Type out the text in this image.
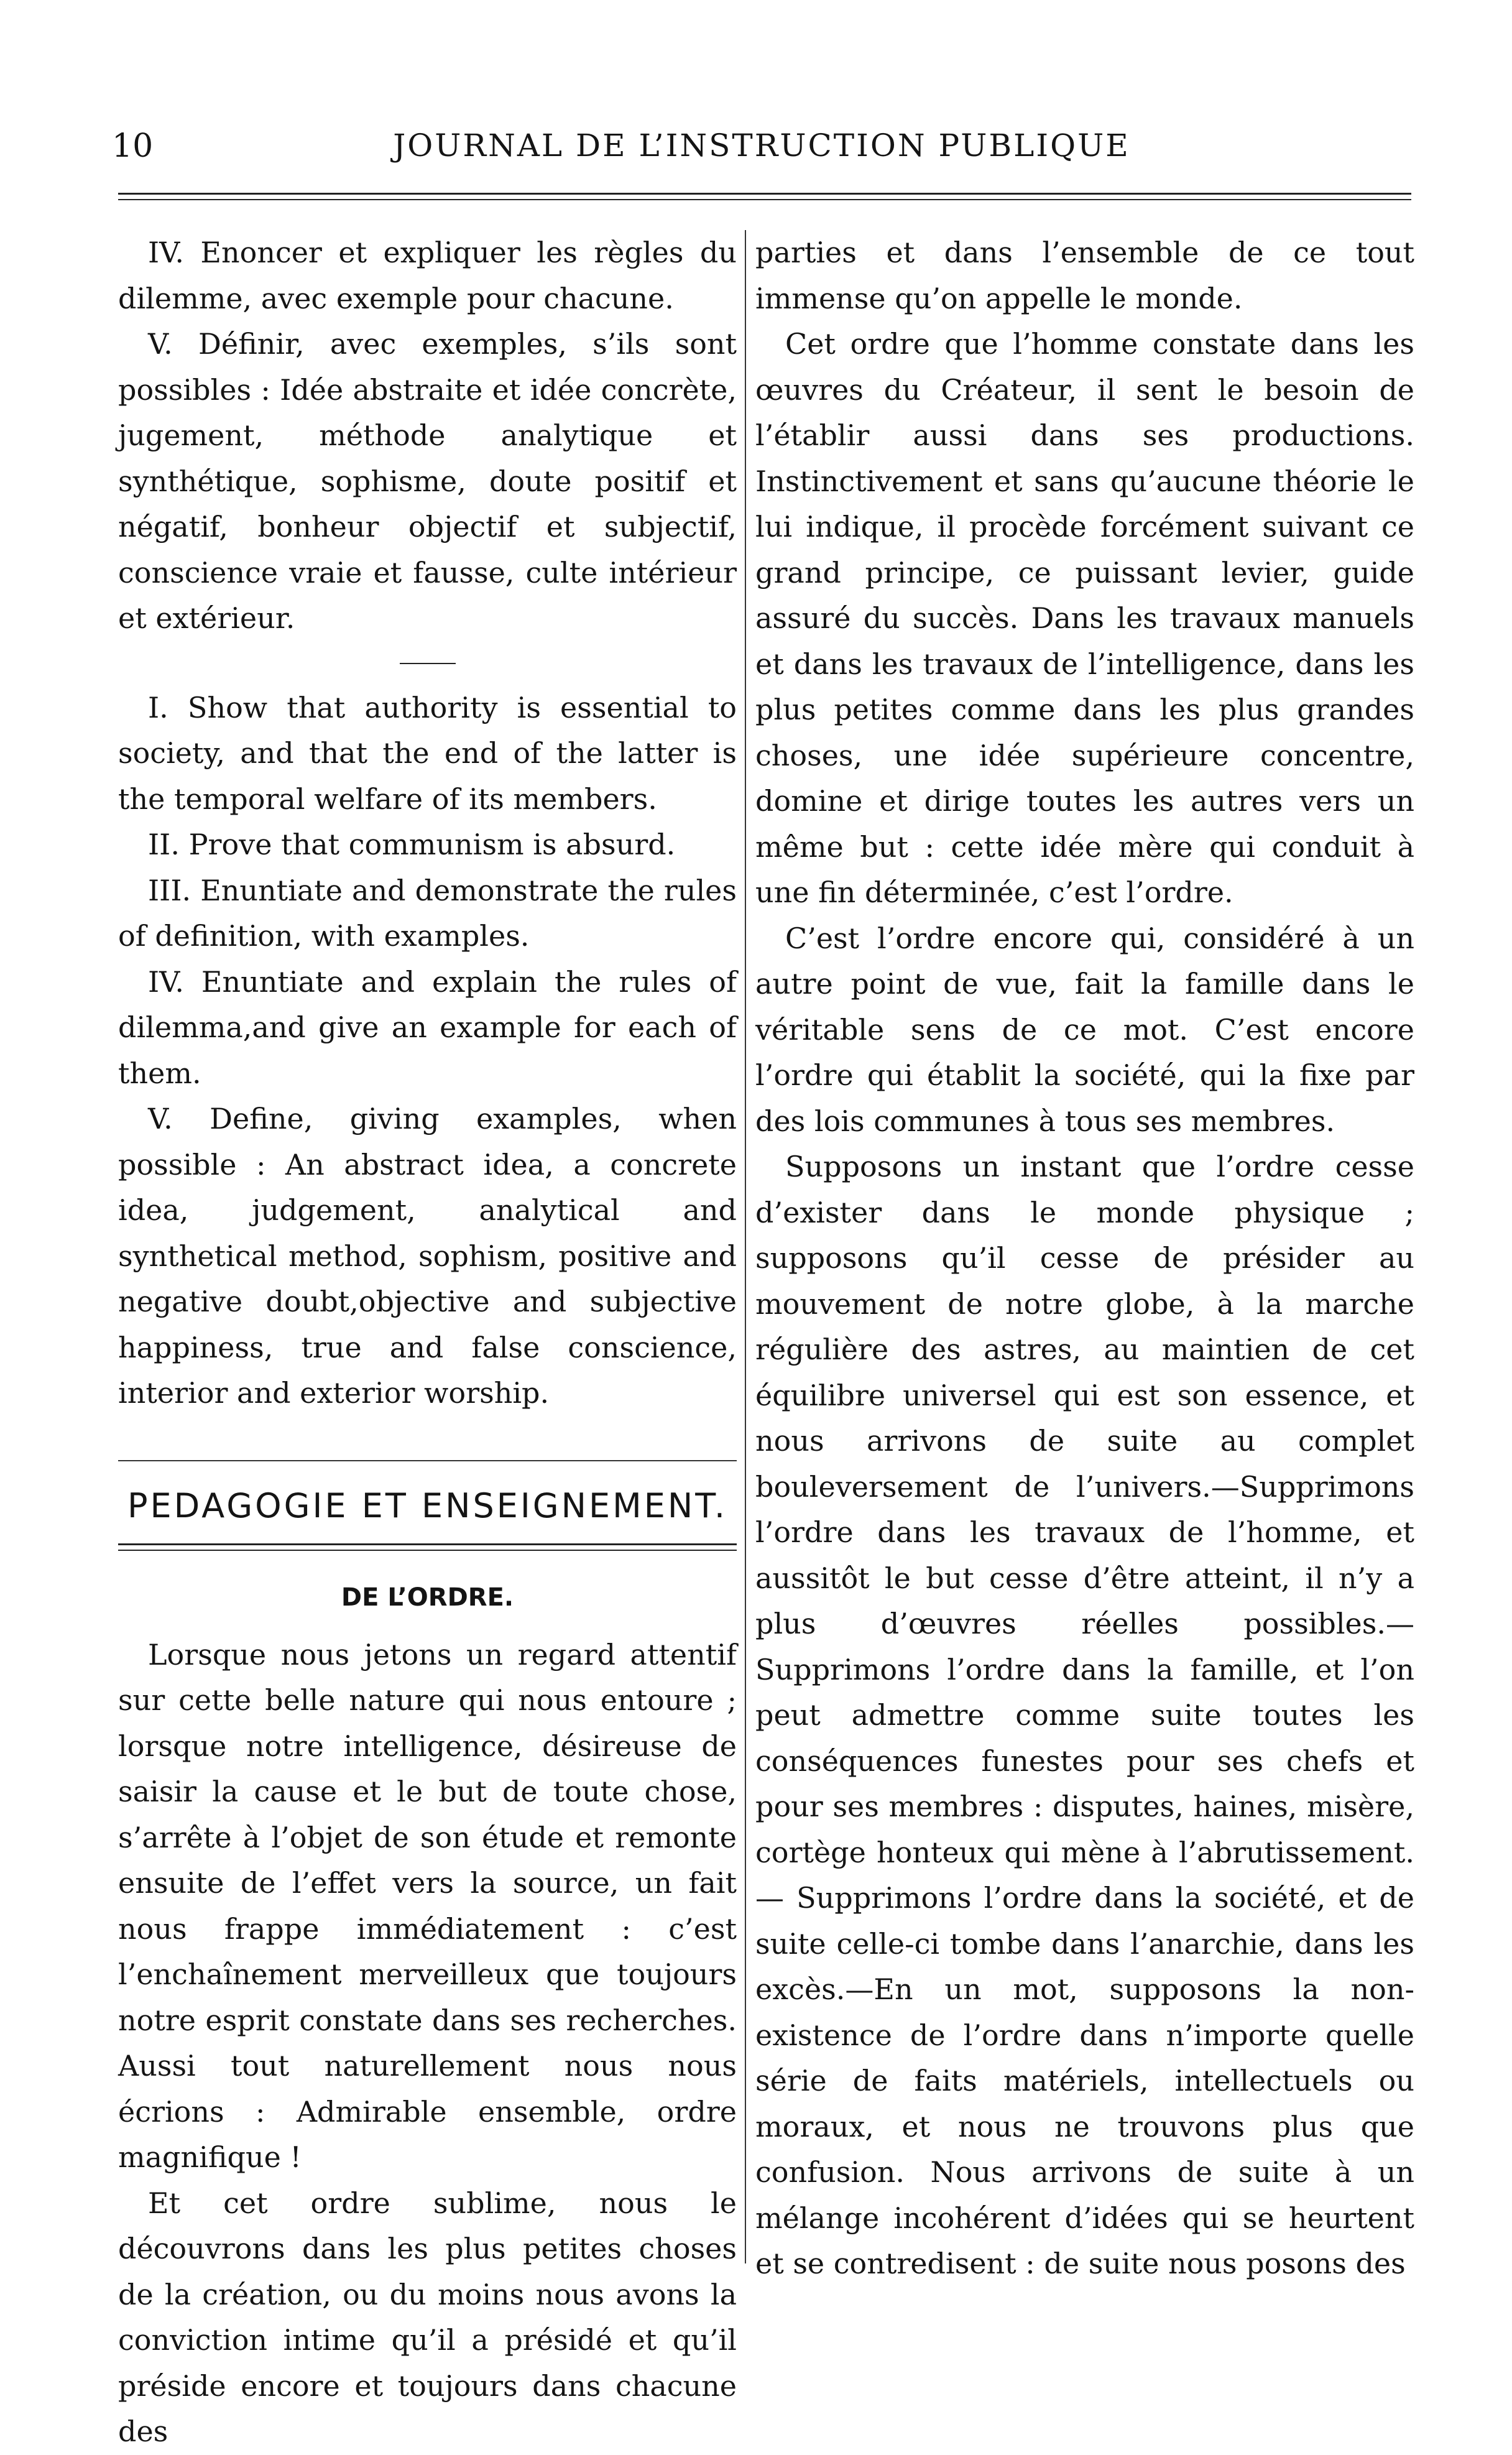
10	JOURNAL DE L’INSTRUCTION PUBLIQUE

IV. Enoncer et expliquer les règles du dilemme, avec exemple pour chacune.

V. Définir, avec exemples, s’ils sont possibles : Idée abstraite et idée concrète, jugement, méthode analytique et synthétique, sophisme, doute positif et négatif, bonheur objectif et subjectif, conscience vraie et fausse, culte intérieur et extérieur.

I. Show that authority is essential to society, and that the end of the latter is the temporal welfare of its members.

II. Prove that communism is absurd.

III. Enuntiate and demonstrate the rules of definition, with examples.

IV. Enuntiate and explain the rules of dilemma,and give an example for each of them.

V. Define, giving examples, when possible : An abstract idea, a concrete idea, judgement, analytical and synthetical method, sophism, positive and negative doubt,objective and subjective happiness, true and false conscience, interior and exterior worship.

PEDAGOGIE ET ENSEIGNEMENT.
DE L’ORDRE.

Lorsque nous jetons un regard attentif sur cette belle nature qui nous entoure ; lorsque notre intelligence, désireuse de saisir la cause et le but de toute chose, s’arrête à l’objet de son étude et remonte ensuite de l’effet vers la source, un fait nous frappe immédiatement : c’est l’enchaînement merveilleux que toujours notre esprit constate dans ses recherches. Aussi tout naturellement nous nous écrions : Admirable ensemble, ordre magnifique !

Et cet ordre sublime, nous le découvrons dans les plus petites choses de la création, ou du moins nous avons la conviction intime qu’il a présidé et qu’il préside encore et toujours dans chacune des

parties et dans l’ensemble de ce tout immense qu’on appelle le monde.

Cet ordre que l’homme constate dans les œuvres du Créateur, il sent le besoin de l’établir aussi dans ses productions. Instinctivement et sans qu’aucune théorie le lui indique, il procède forcément suivant ce grand principe, ce puissant levier, guide assuré du succès. Dans les travaux manuels et dans les travaux de l’intelligence, dans les plus petites comme dans les plus grandes choses, une idée supérieure concentre, domine et dirige toutes les autres vers un même but : cette idée mère qui conduit à une fin déterminée, c’est l’ordre.

C’est l’ordre encore qui, considéré à un autre point de vue, fait la famille dans le véritable sens de ce mot. C’est encore l’ordre qui établit la société, qui la fixe par des lois communes à tous ses membres.

Supposons un instant que l’ordre cesse d’exister dans le monde physique ; supposons qu’il cesse de présider au mouvement de notre globe, à la marche régulière des astres, au maintien de cet équilibre universel qui est son essence, et nous arrivons de suite au complet bouleversement de l’univers.—Supprimons l’ordre dans les travaux de l’homme, et aussitôt le but cesse d’être atteint, il n’y a plus d’œuvres réelles possibles.—Supprimons l’ordre dans la famille, et l’on peut admettre comme suite toutes les conséquences funestes pour ses chefs et pour ses membres : disputes, haines, misère, cortège honteux qui mène à l’abrutissement. — Supprimons l’ordre dans la société, et de suite celle-ci tombe dans l’anarchie, dans les excès.—En un mot, supposons la non-existence de l’ordre dans n’importe quelle série de faits matériels, intellectuels ou moraux, et nous ne trouvons plus que confusion. Nous arrivons de suite à un mélange incohérent d’idées qui se heurtent et se contredisent : de suite nous posons des
